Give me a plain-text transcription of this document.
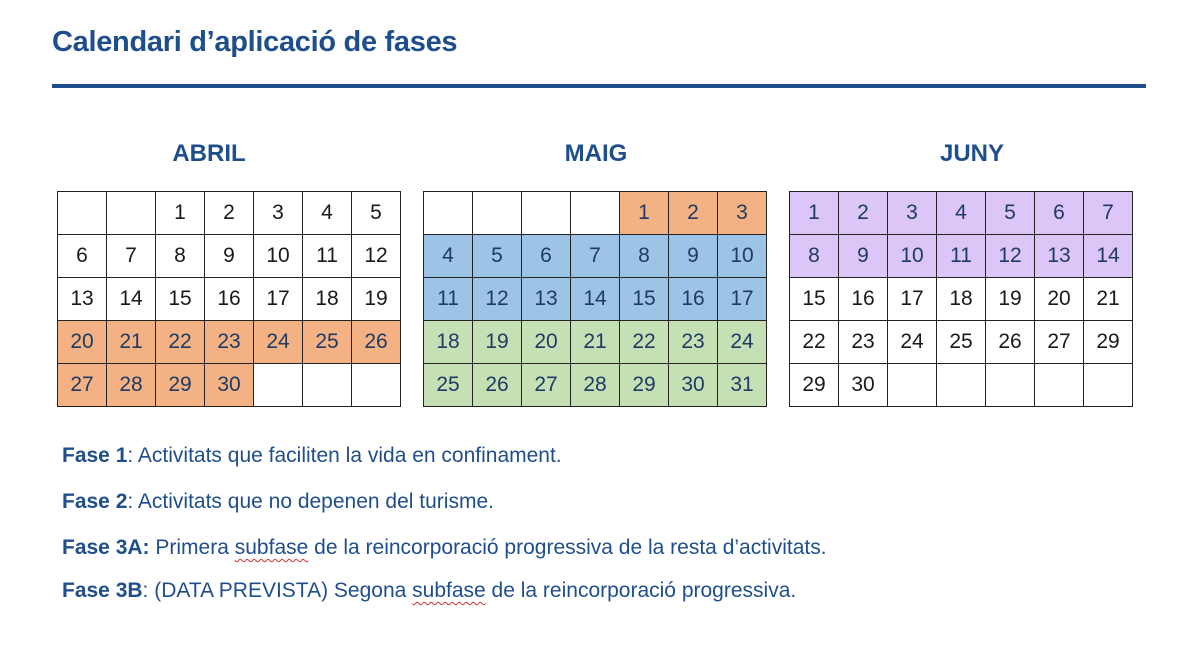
Calendari d’aplicació de fases
ABRIL	MAIG	JUNY
		1	2	3	4	5
6	7	8	9	10	11	12
13	14	15	16	17	18	19
20	21	22	23	24	25	26
27	28	29	30			
				1	2	3
4	5	6	7	8	9	10
11	12	13	14	15	16	17
18	19	20	21	22	23	24
25	26	27	28	29	30	31
1	2	3	4	5	6	7
8	9	10	11	12	13	14
15	16	17	18	19	20	21
22	23	24	25	26	27	29
29	30					
Fase 1: Activitats que faciliten la vida en confinament.
Fase 2: Activitats que no depenen del turisme.
Fase 3A: Primera subfase de la reincorporació progressiva de la resta d’activitats.
Fase 3B: (DATA PREVISTA) Segona subfase de la reincorporació progressiva.
